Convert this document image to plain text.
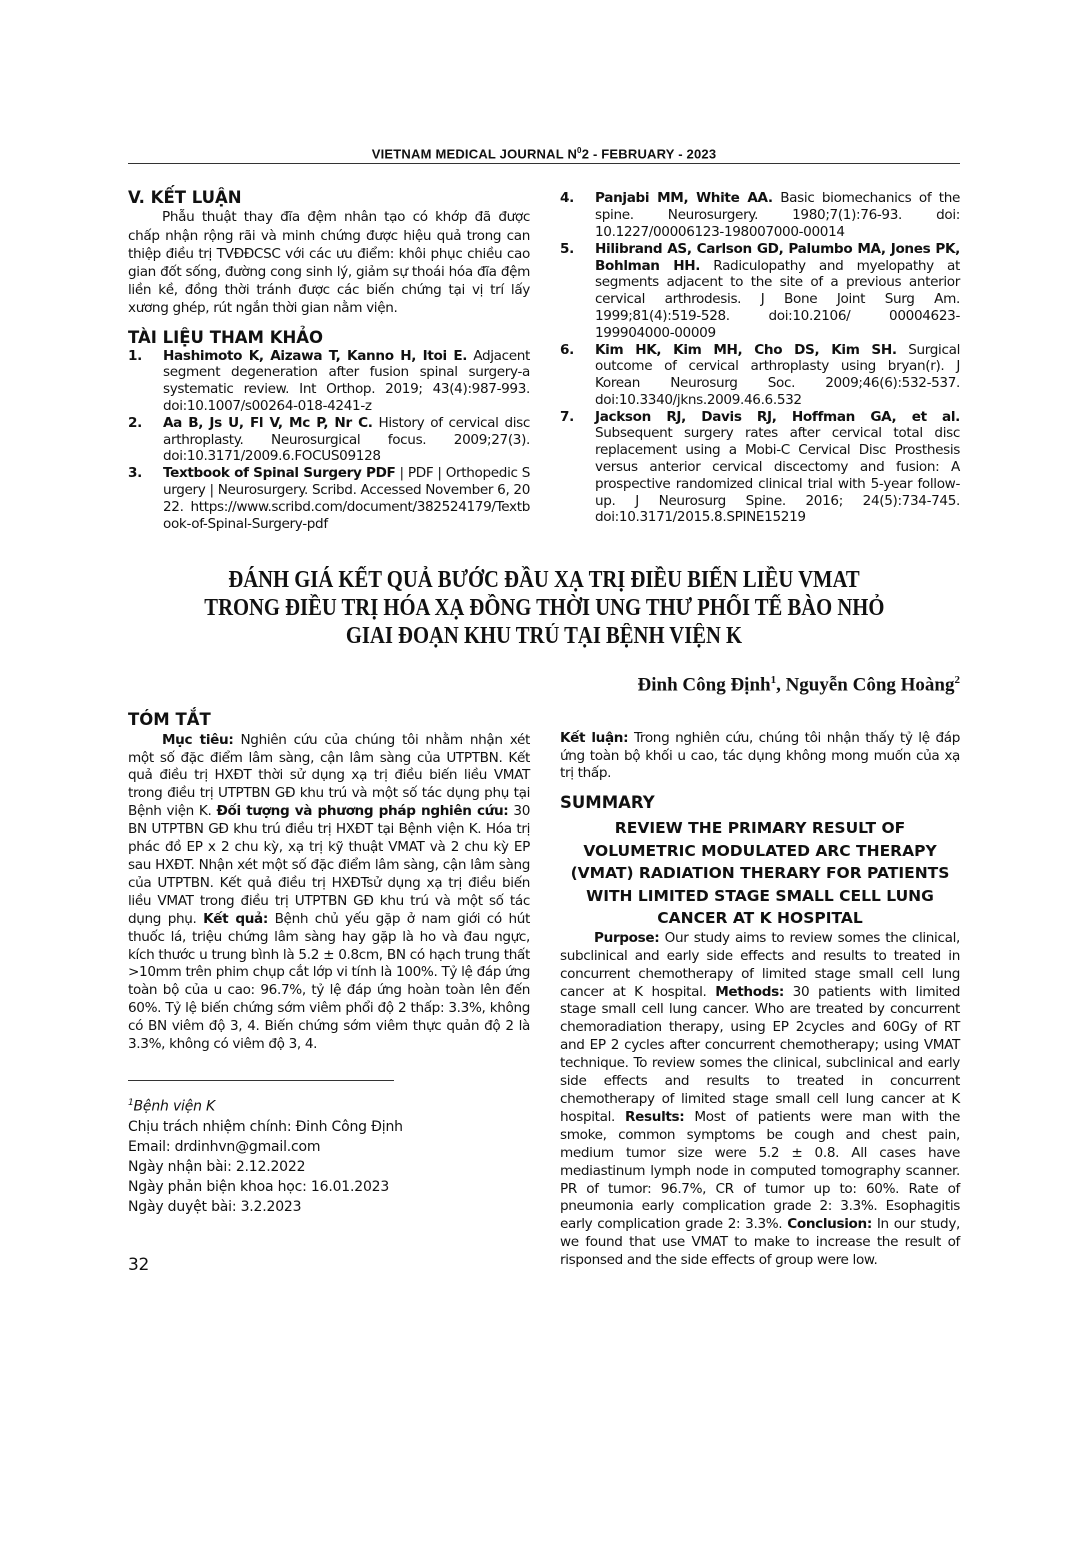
VIETNAM MEDICAL JOURNAL $N^02$ - FEBRUARY - 2023
V. KẾT LUẬN
Phẫu thuật thay đĩa đệm nhân tạo có khớp đã được chấp nhận rộng rãi và minh chứng được hiệu quả trong can thiệp điều trị TVĐĐCSC với các ưu điểm: khôi phục chiều cao gian đốt sống, đường cong sinh lý, giảm sự thoái hóa đĩa đệm liền kề, đồng thời tránh được các biến chứng tại vị trí lấy xương ghép, rút ngắn thời gian nằm viện.
TÀI LIỆU THAM KHẢO
1.	Hashimoto K, Aizawa T, Kanno H, Itoi E. Adjacent segment degeneration after fusion spinal surgery-a systematic review. Int Orthop. 2019; 43(4):987-993. doi:10.1007/s00264-018-4241-z
2.	Aa B, Js U, Fl V, Mc P, Nr C. History of cervical disc arthroplasty. Neurosurgical focus. 2009;27(3). doi:10.3171/2009.6.FOCUS09128
3.	Textbook of Spinal Surgery PDF | PDF | Orthopedic Surgery | Neurosurgery. Scribd. Accessed November 6, 2022. https://www.scribd.com/document/382524179/Textbook-of-Spinal-Surgery-pdf
4.	Panjabi MM, White AA. Basic biomechanics of the spine. Neurosurgery. 1980;7(1):76-93. doi: 10.1227/00006123-198007000-00014
5.	Hilibrand AS, Carlson GD, Palumbo MA, Jones PK, Bohlman HH. Radiculopathy and myelopathy at segments adjacent to the site of a previous anterior cervical arthrodesis. J Bone Joint Surg Am. 1999;81(4):519-528. doi:10.2106/ 00004623-199904000-00009
6.	Kim HK, Kim MH, Cho DS, Kim SH. Surgical outcome of cervical arthroplasty using bryan(r). J Korean Neurosurg Soc. 2009;46(6):532-537. doi:10.3340/jkns.2009.46.6.532
7.	Jackson RJ, Davis RJ, Hoffman GA, et al. Subsequent surgery rates after cervical total disc replacement using a Mobi-C Cervical Disc Prosthesis versus anterior cervical discectomy and fusion: A prospective randomized clinical trial with 5-year follow-up. J Neurosurg Spine. 2016; 24(5):734-745. doi:10.3171/2015.8.SPINE15219
ĐÁNH GIÁ KẾT QUẢ BƯỚC ĐẦU XẠ TRỊ ĐIỀU BIẾN LIỀU VMAT
TRONG ĐIỀU TRỊ HÓA XẠ ĐỒNG THỜI UNG THƯ PHỔI TẾ BÀO NHỎ
GIAI ĐOẠN KHU TRÚ TẠI BỆNH VIỆN K
Đinh Công Định$^1$, Nguyễn Công Hoàng$^2$
TÓM TẮT
Mục tiêu: Nghiên cứu của chúng tôi nhằm nhận xét một số đặc điểm lâm sàng, cận lâm sàng của UTPTBN. Kết quả điều trị HXĐT thời sử dụng xạ trị điều biến liều VMAT trong điều trị UTPTBN GĐ khu trú và một số tác dụng phụ tại Bệnh viện K. Đối tượng và phương pháp nghiên cứu: 30 BN UTPTBN GĐ khu trú điều trị HXĐT tại Bệnh viện K. Hóa trị phác đồ EP x 2 chu kỳ, xạ trị kỹ thuật VMAT và 2 chu kỳ EP sau HXĐT. Nhận xét một số đặc điểm lâm sàng, cận lâm sàng của UTPTBN. Kết quả điều trị HXĐTsử dụng xạ trị điều biến liều VMAT trong điều trị UTPTBN GĐ khu trú và một số tác dụng phụ. Kết quả: Bệnh chủ yếu gặp ở nam giới có hút thuốc lá, triệu chứng lâm sàng hay gặp là ho và đau ngực, kích thước u trung bình là 5.2 ± 0.8cm, BN có hạch trung thất >10mm trên phim chụp cắt lớp vi tính là 100%. Tỷ lệ đáp ứng toàn bộ của u cao: 96.7%, tỷ lệ đáp ứng hoàn toàn lên đến 60%. Tỷ lệ biến chứng sớm viêm phổi độ 2 thấp: 3.3%, không có BN viêm độ 3, 4. Biến chứng sớm viêm thực quản độ 2 là 3.3%, không có viêm độ 3, 4.
$^1$Bệnh viện K
Chịu trách nhiệm chính: Đinh Công Định
Email: drdinhvn@gmail.com
Ngày nhận bài: 2.12.2022
Ngày phản biện khoa học: 16.01.2023
Ngày duyệt bài: 3.2.2023
32
Kết luận: Trong nghiên cứu, chúng tôi nhận thấy tỷ lệ đáp ứng toàn bộ khối u cao, tác dụng không mong muốn của xạ trị thấp.
SUMMARY
REVIEW THE PRIMARY RESULT OF VOLUMETRIC MODULATED ARC THERAPY (VMAT) RADIATION THERARY FOR PATIENTS WITH LIMITED STAGE SMALL CELL LUNG CANCER AT K HOSPITAL
Purpose: Our study aims to review somes the clinical, subclinical and early side effects and results to treated in concurrent chemotherapy of limited stage small cell lung cancer at K hospital. Methods: 30 patients with limited stage small cell lung cancer. Who are treated by concurrent chemoradiation therapy, using EP 2cycles and 60Gy of RT and EP 2 cycles after concurrent chemotherapy; using VMAT technique. To review somes the clinical, subclinical and early side effects and results to treated in concurrent chemotherapy of limited stage small cell lung cancer at K hospital. Results: Most of patients were man with the smoke, common symptoms be cough and chest pain, medium tumor size were 5.2 ± 0.8. All cases have mediastinum lymph node in computed tomography scanner. PR of tumor: 96.7%, CR of tumor up to: 60%. Rate of pneumonia early complication grade 2: 3.3%. Esophagitis early complication grade 2: 3.3%. Conclusion: In our study, we found that use VMAT to make to increase the result of risponsed and the side effects of group were low.
